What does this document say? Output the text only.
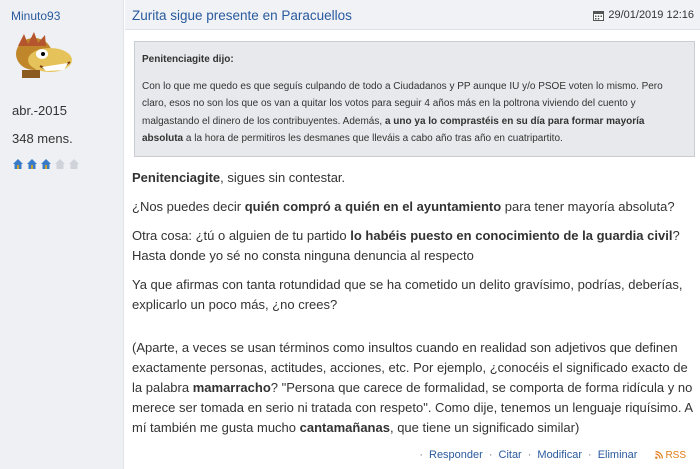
Minuto93
abr.-2015
348 mens.
Zurita sigue presente en Paracuellos	29/01/2019 12:16
Penitenciagite dijo:

Con lo que me quedo es que seguís culpando de todo a Ciudadanos y PP aunque IU y/o PSOE voten lo mismo. Pero claro, esos no son los que os van a quitar los votos para seguir 4 años más en la poltrona viviendo del cuento y malgastando el dinero de los contribuyentes. Además, a uno ya lo comprastéis en su día para formar mayoría absoluta a la hora de permitiros les desmanes que lleváis a cabo año tras año en cuatripartito.

Penitenciagite, sigues sin contestar.

¿Nos puedes decir quién compró a quién en el ayuntamiento para tener mayoría absoluta?

Otra cosa: ¿tú o alguien de tu partido lo habéis puesto en conocimiento de la guardia civil? Hasta donde yo sé no consta ninguna denuncia al respecto

Ya que afirmas con tanta rotundidad que se ha cometido un delito gravísimo, podrías, deberías, explicarlo un poco más, ¿no crees?

(Aparte, a veces se usan términos como insultos cuando en realidad son adjetivos que definen exactamente personas, actitudes, acciones, etc. Por ejemplo, ¿conocéis el significado exacto de la palabra mamarracho? "Persona que carece de formalidad, se comporta de forma ridícula y no merece ser tomada en serio ni tratada con respeto". Como dije, tenemos un lenguaje riquísimo. A mí también me gusta mucho cantamañanas, que tiene un significado similar)

· Responder · Citar · Modificar · Eliminar	RSS
